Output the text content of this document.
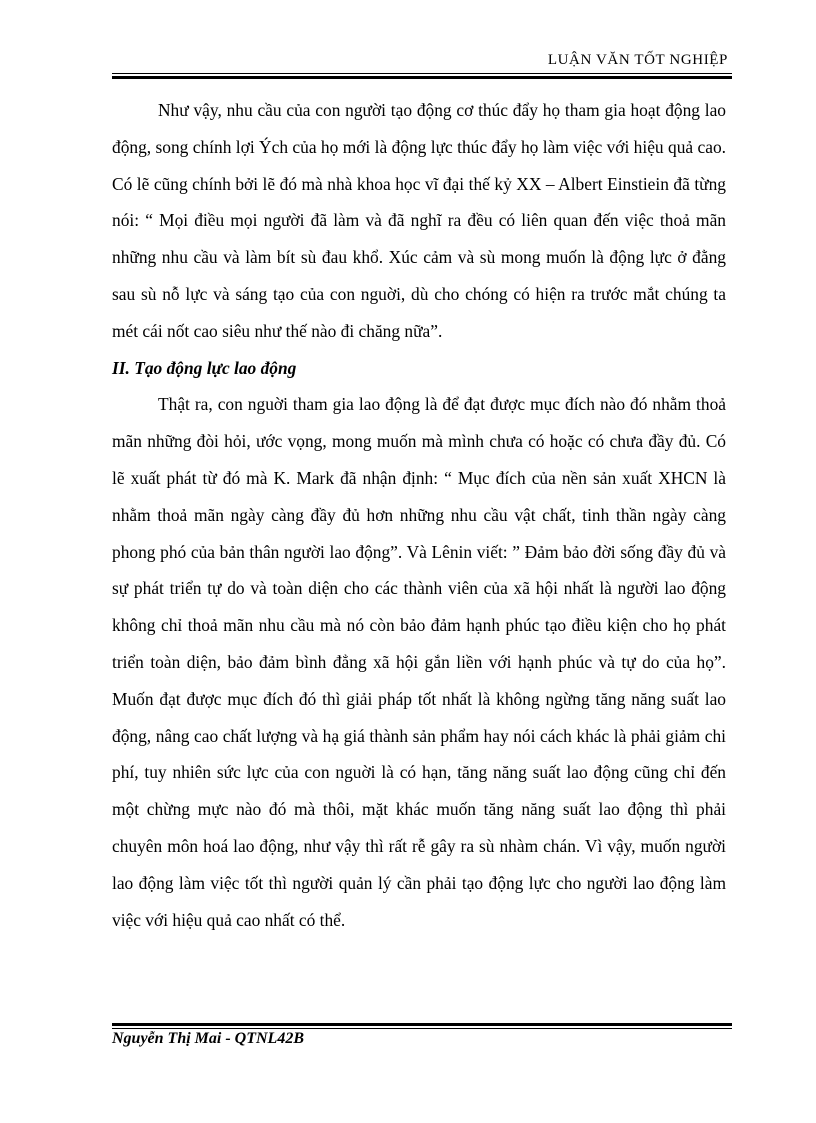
LUẬN VĂN TỐT NGHIỆP

Như vậy, nhu cầu của con người tạo động cơ thúc đẩy họ tham gia hoạt động lao động, song chính lợi Ých của họ mới là động lực thúc đẩy họ làm việc với hiệu quả cao. Có lẽ cũng chính bởi lẽ đó mà nhà khoa học vĩ đại thế kỷ XX – Albert Einstiein đã từng nói: “ Mọi điều mọi người đã làm và đã nghĩ ra đều có liên quan đến việc thoả mãn những nhu cầu và làm bít sù đau khổ. Xúc cảm và sù mong muốn là động lực ở đằng sau sù nỗ lực và sáng tạo của con nguời, dù cho chóng có hiện ra trước mắt chúng ta mét cái nốt cao siêu như thế nào đi chăng nữa”.

II. Tạo động lực lao động

Thật ra, con nguời tham gia lao động là để đạt được mục đích nào đó nhằm thoả mãn những đòi hỏi, ước vọng, mong muốn mà mình chưa có hoặc có chưa đầy đủ. Có lẽ xuất phát từ đó mà K. Mark đã nhận định: “ Mục đích của nền sản xuất XHCN là nhằm thoả mãn ngày càng đầy đủ hơn những nhu cầu vật chất, tinh thần ngày càng phong phó của bản thân người lao động”. Và Lênin viết: ” Đảm bảo đời sống đầy đủ và sự phát triển tự do và toàn diện cho các thành viên của xã hội nhất là người lao động không chỉ thoả mãn nhu cầu mà nó còn bảo đảm hạnh phúc tạo điều kiện cho họ phát triển toàn diện, bảo đảm bình đẳng xã hội gắn liền với hạnh phúc và tự do của họ”. Muốn đạt được mục đích đó thì giải pháp tốt nhất là không ngừng tăng năng suất lao động, nâng cao chất lượng và hạ giá thành sản phẩm hay nói cách khác là phải giảm chi phí, tuy nhiên sức lực của con nguời là có hạn, tăng năng suất lao động cũng chỉ đến một chừng mực nào đó mà thôi, mặt khác muốn tăng năng suất lao động thì phải chuyên môn hoá lao động, như vậy thì rất rễ gây ra sù nhàm chán. Vì vậy, muốn người lao động làm việc tốt thì người quản lý cần phải tạo động lực cho người lao động làm việc với hiệu quả cao nhất có thể.

Nguyễn Thị Mai - QTNL42B
